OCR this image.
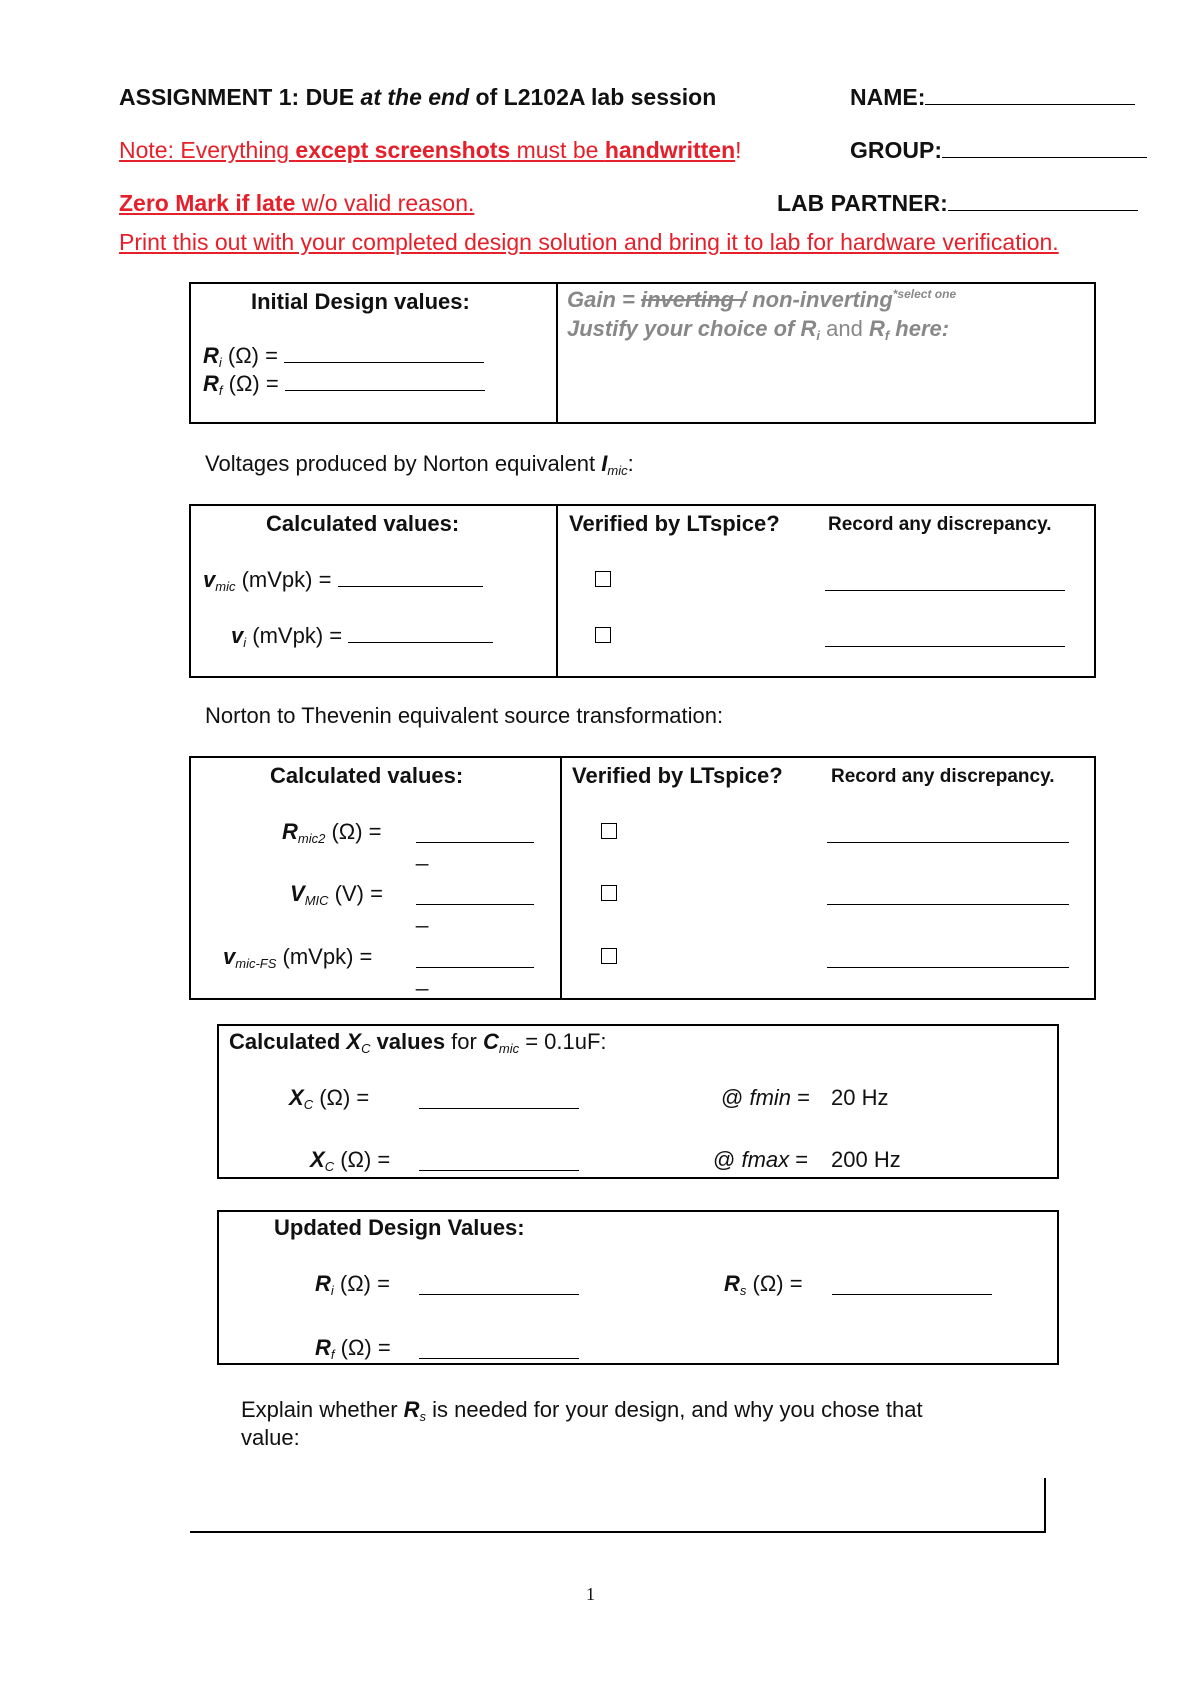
ASSIGNMENT 1: DUE at the end of L2102A lab session	NAME:
Note: Everything except screenshots must be handwritten!	GROUP:
Zero Mark if late w/o valid reason.	LAB PARTNER:
Print this out with your completed design solution and bring it to lab for hardware verification.
Initial Design values:
$R_i$ (Ω) =
$R_f$ (Ω) =
Gain = inverting / non-inverting$^{*select one}$
Justify your choice of $R_i$ and $R_f$ here:
Voltages produced by Norton equivalent $I_{mic}$:
Calculated values:	Verified by LTspice?	Record any discrepancy.
$v_{mic}$ (mVpk) =
$v_i$ (mVpk) =
Norton to Thevenin equivalent source transformation:
Calculated values:	Verified by LTspice?	Record any discrepancy.
$R_{mic2}$ (Ω) =
_
$V_{MIC}$ (V) =
_
$v_{mic-FS}$ (mVpk) =
_
Calculated $X_C$ values for $C_{mic} = 0.1uF$:
$X_C$ (Ω) =	@ fmin = 20 Hz
$X_C$ (Ω) =	@ fmax = 200 Hz
Updated Design Values:
$R_i$ (Ω) =	$R_s$ (Ω) =
$R_f$ (Ω) =
Explain whether $R_s$ is needed for your design, and why you chose that
value:
1
